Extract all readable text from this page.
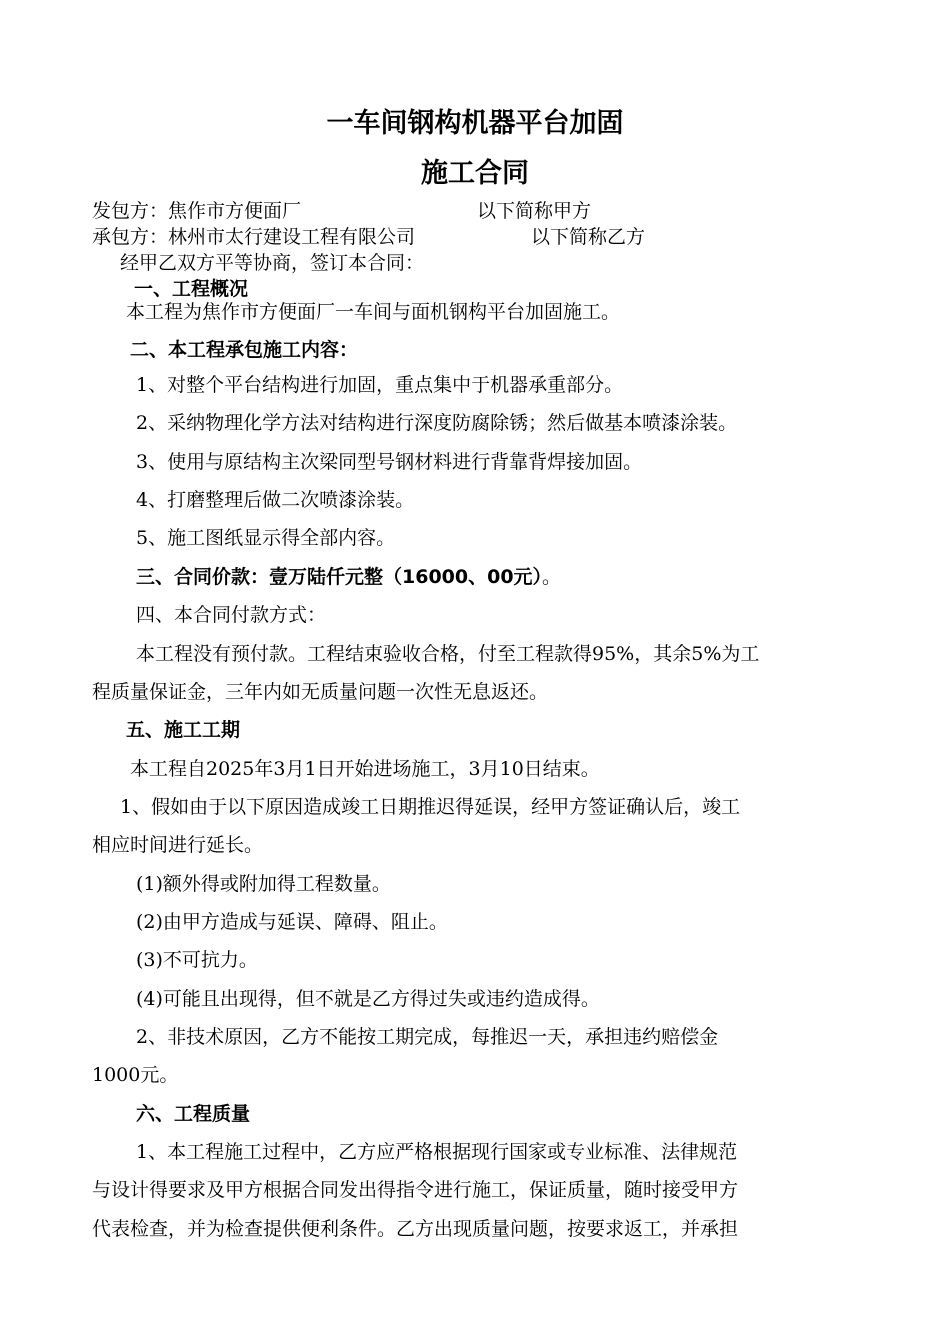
一车间钢构机器平台加固
施工合同
发包方：焦作市方便面厂	以下简称甲方
承包方：林州市太行建设工程有限公司	以下简称乙方
经甲乙双方平等协商，签订本合同：
一、工程概况
本工程为焦作市方便面厂一车间与面机钢构平台加固施工。
二、本工程承包施工内容：
1、对整个平台结构进行加固，重点集中于机器承重部分。
2、采纳物理化学方法对结构进行深度防腐除锈；然后做基本喷漆涂装。
3、使用与原结构主次梁同型号钢材料进行背靠背焊接加固。
4、打磨整理后做二次喷漆涂装。
5、施工图纸显示得全部内容。
三、合同价款：壹万陆仟元整（16000、00元）。
四、本合同付款方式：
本工程没有预付款。工程结束验收合格，付至工程款得95%，其余5%为工
程质量保证金，三年内如无质量问题一次性无息返还。
五、施工工期
本工程自2025年3月1日开始进场施工，3月10日结束。
1、假如由于以下原因造成竣工日期推迟得延误，经甲方签证确认后，竣工
相应时间进行延长。
(1)额外得或附加得工程数量。
(2)由甲方造成与延误、障碍、阻止。
(3)不可抗力。
(4)可能且出现得，但不就是乙方得过失或违约造成得。
2、非技术原因，乙方不能按工期完成，每推迟一天，承担违约赔偿金
1000元。
六、工程质量
1、本工程施工过程中，乙方应严格根据现行国家或专业标准、法律规范
与设计得要求及甲方根据合同发出得指令进行施工，保证质量，随时接受甲方
代表检查，并为检查提供便利条件。乙方出现质量问题，按要求返工，并承担
